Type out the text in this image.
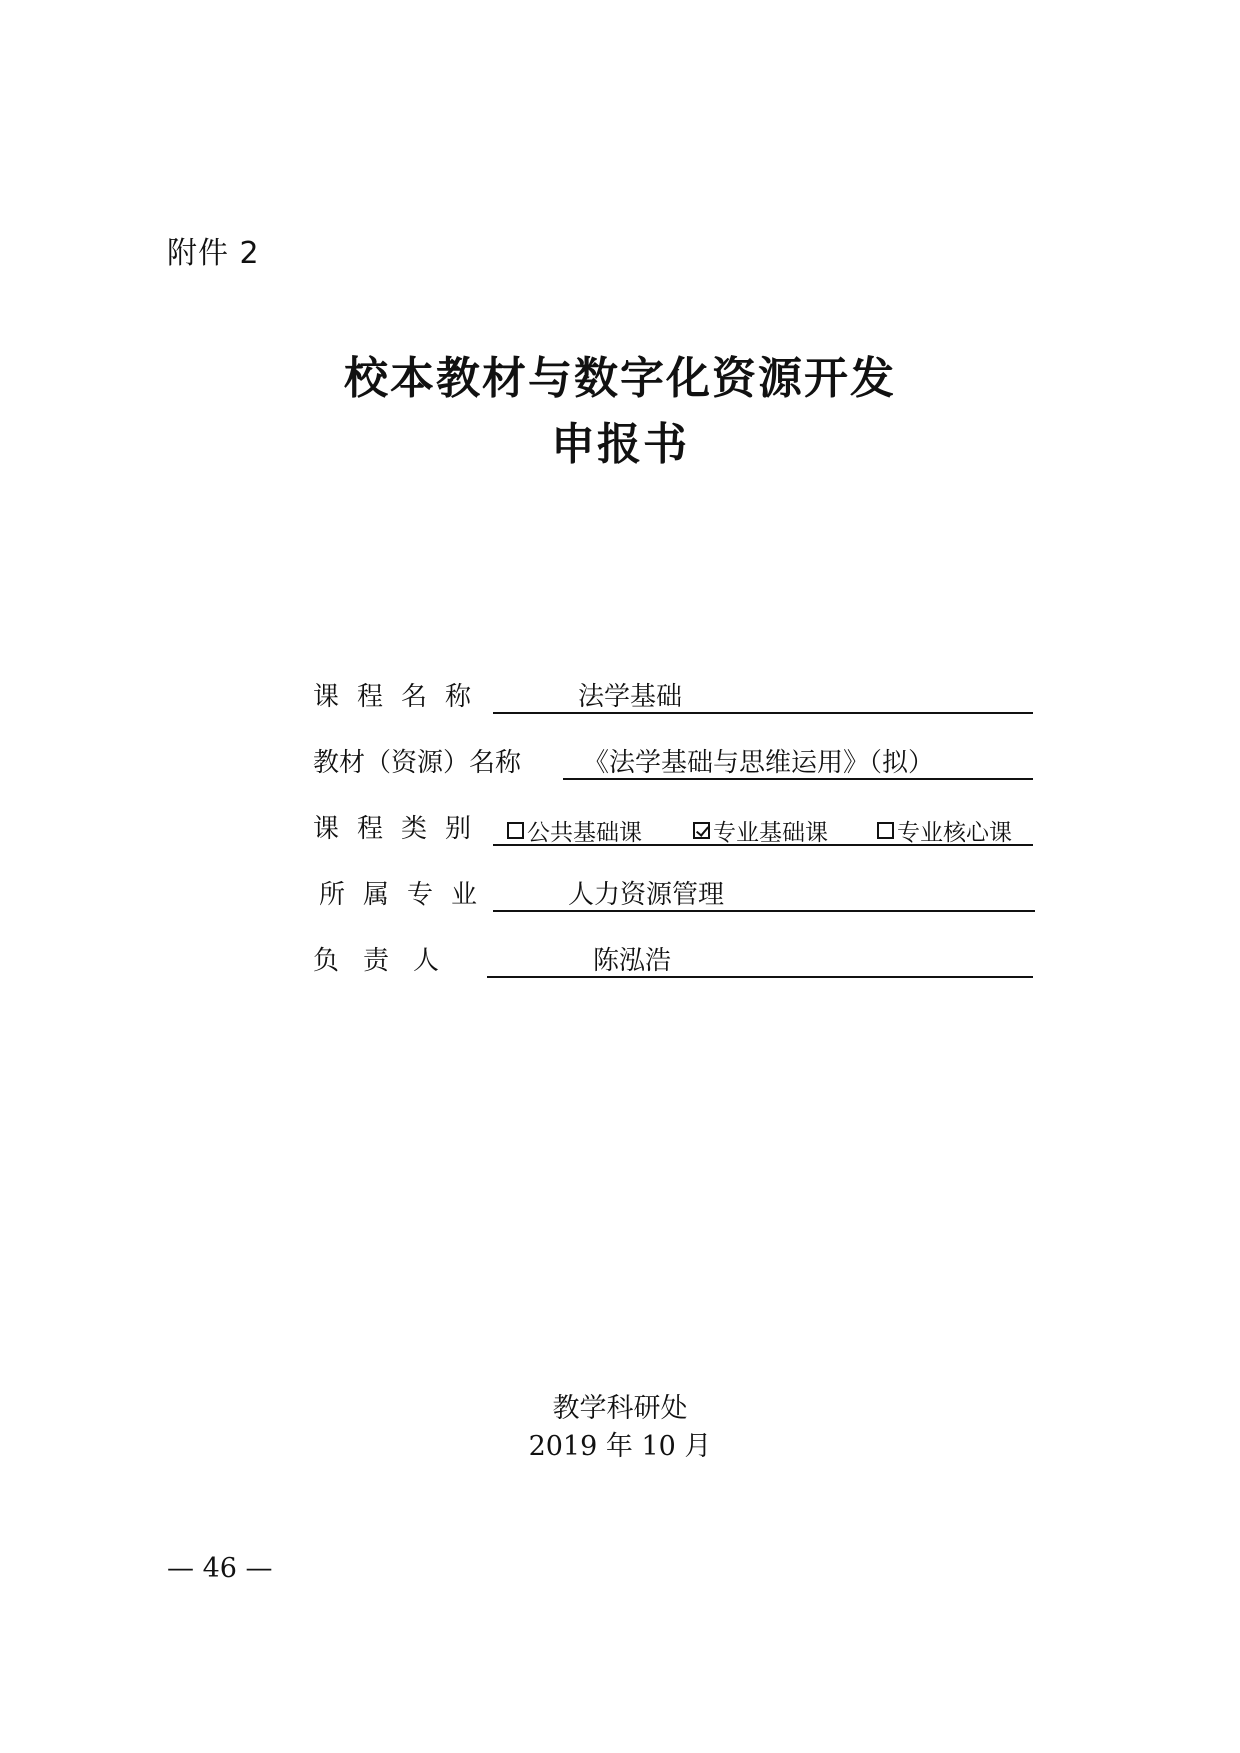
附件 2
校本教材与数字化资源开发
申报书
课程名称	法学基础
教材（资源）名称 《法学基础与思维运用》（拟）
课程类别 公共基础课	专业基础课	专业核心课
所属专业	人力资源管理
负责人	陈泓浩
教学科研处
2019 年 10 月
— 46 —
